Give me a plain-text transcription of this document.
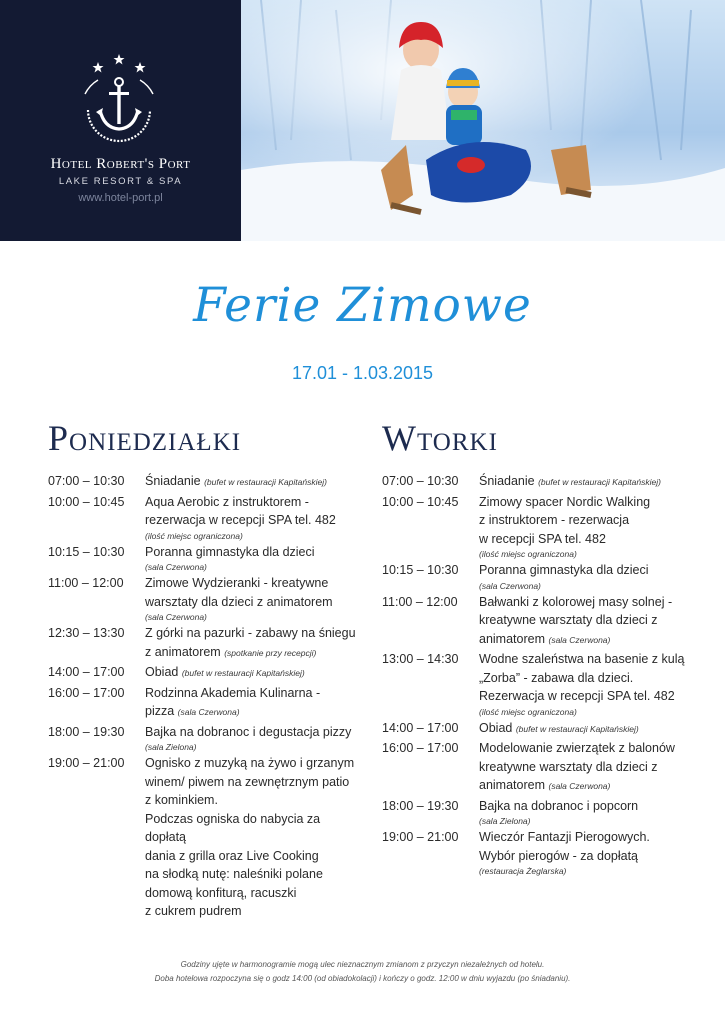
Hotel Robert's Port
LAKE RESORT & SPA
www.hotel-port.pl
Ferie Zimowe
17.01 - 1.03.2015
Poniedziałki
07:00 – 10:30	Śniadanie (bufet w restauracji Kapitańskiej)
10:00 – 10:45	Aqua Aerobic z instruktorem -
rezerwacja w recepcji SPA tel. 482
(ilość miejsc ograniczona)
10:15 – 10:30	Poranna gimnastyka dla dzieci
(sala Czerwona)
11:00 – 12:00	Zimowe Wydzieranki - kreatywne
warsztaty dla dzieci z animatorem
(sala Czerwona)
12:30 – 13:30	Z górki na pazurki - zabawy na śniegu
z animatorem (spotkanie przy recepcji)
14:00 – 17:00	Obiad (bufet w restauracji Kapitańskiej)
16:00 – 17:00	Rodzinna Akademia Kulinarna -
pizza (sala Czerwona)
18:00 – 19:30	Bajka na dobranoc i degustacja pizzy
(sala Zielona)
19:00 – 21:00	Ognisko z muzyką na żywo i grzanym
winem/ piwem na zewnętrznym patio
z kominkiem.
Podczas ogniska do nabycia za dopłatą
dania z grilla oraz Live Cooking
na słodką nutę: naleśniki polane
domową konfiturą, racuszki
z cukrem pudrem
Wtorki
07:00 – 10:30	Śniadanie (bufet w restauracji Kapitańskiej)
10:00 – 10:45	Zimowy spacer Nordic Walking
z instruktorem - rezerwacja
w recepcji SPA tel. 482
(ilość miejsc ograniczona)
10:15 – 10:30	Poranna gimnastyka dla dzieci
(sala Czerwona)
11:00 – 12:00	Bałwanki z kolorowej masy solnej -
kreatywne warsztaty dla dzieci z
animatorem (sala Czerwona)
13:00 – 14:30	Wodne szaleństwa na basenie z kulą
„Zorba” - zabawa dla dzieci.
Rezerwacja w recepcji SPA tel. 482
(ilość miejsc ograniczona)
14:00 – 17:00	Obiad (bufet w restauracji Kapitańskiej)
16:00 – 17:00	Modelowanie zwierzątek z balonów
kreatywne warsztaty dla dzieci z
animatorem (sala Czerwona)
18:00 – 19:30	Bajka na dobranoc i popcorn
(sala Zielona)
19:00 – 21:00	Wieczór Fantazji Pierogowych.
Wybór pierogów - za dopłatą
(restauracja Żeglarska)
Godziny ujęte w harmonogramie mogą ulec nieznacznym zmianom z przyczyn niezależnych od hotelu.
Doba hotelowa rozpoczyna się o godz 14:00 (od obiadokolacji) i kończy o godz. 12:00 w dniu wyjazdu (po śniadaniu).
